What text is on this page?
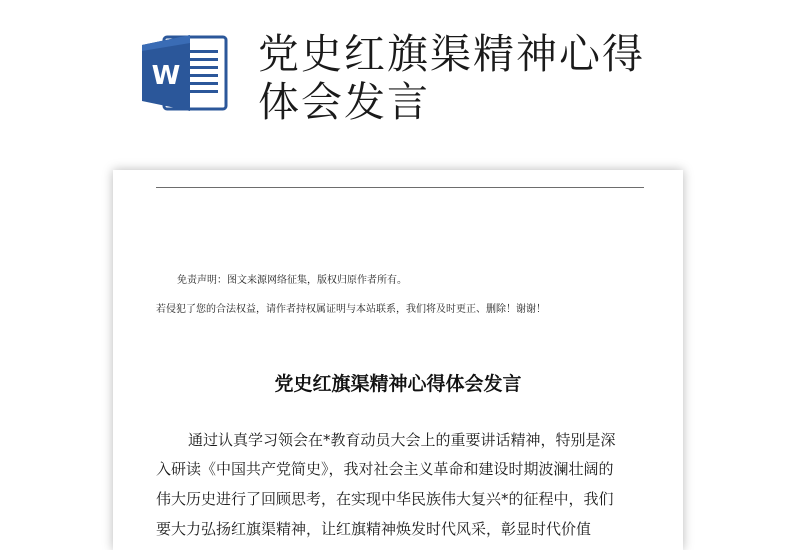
W 党史红旗渠精神心得
体会发言
免责声明：图文来源网络征集，版权归原作者所有。
若侵犯了您的合法权益，请作者持权属证明与本站联系，我们将及时更正、删除！谢谢！
党史红旗渠精神心得体会发言
通过认真学习领会在*教育动员大会上的重要讲话精神，特别是深
入研读《中国共产党简史》，我对社会主义革命和建设时期波澜壮阔的
伟大历史进行了回顾思考，在实现中华民族伟大复兴*的征程中，我们
要大力弘扬红旗渠精神，让红旗精神焕发时代风采，彰显时代价值
